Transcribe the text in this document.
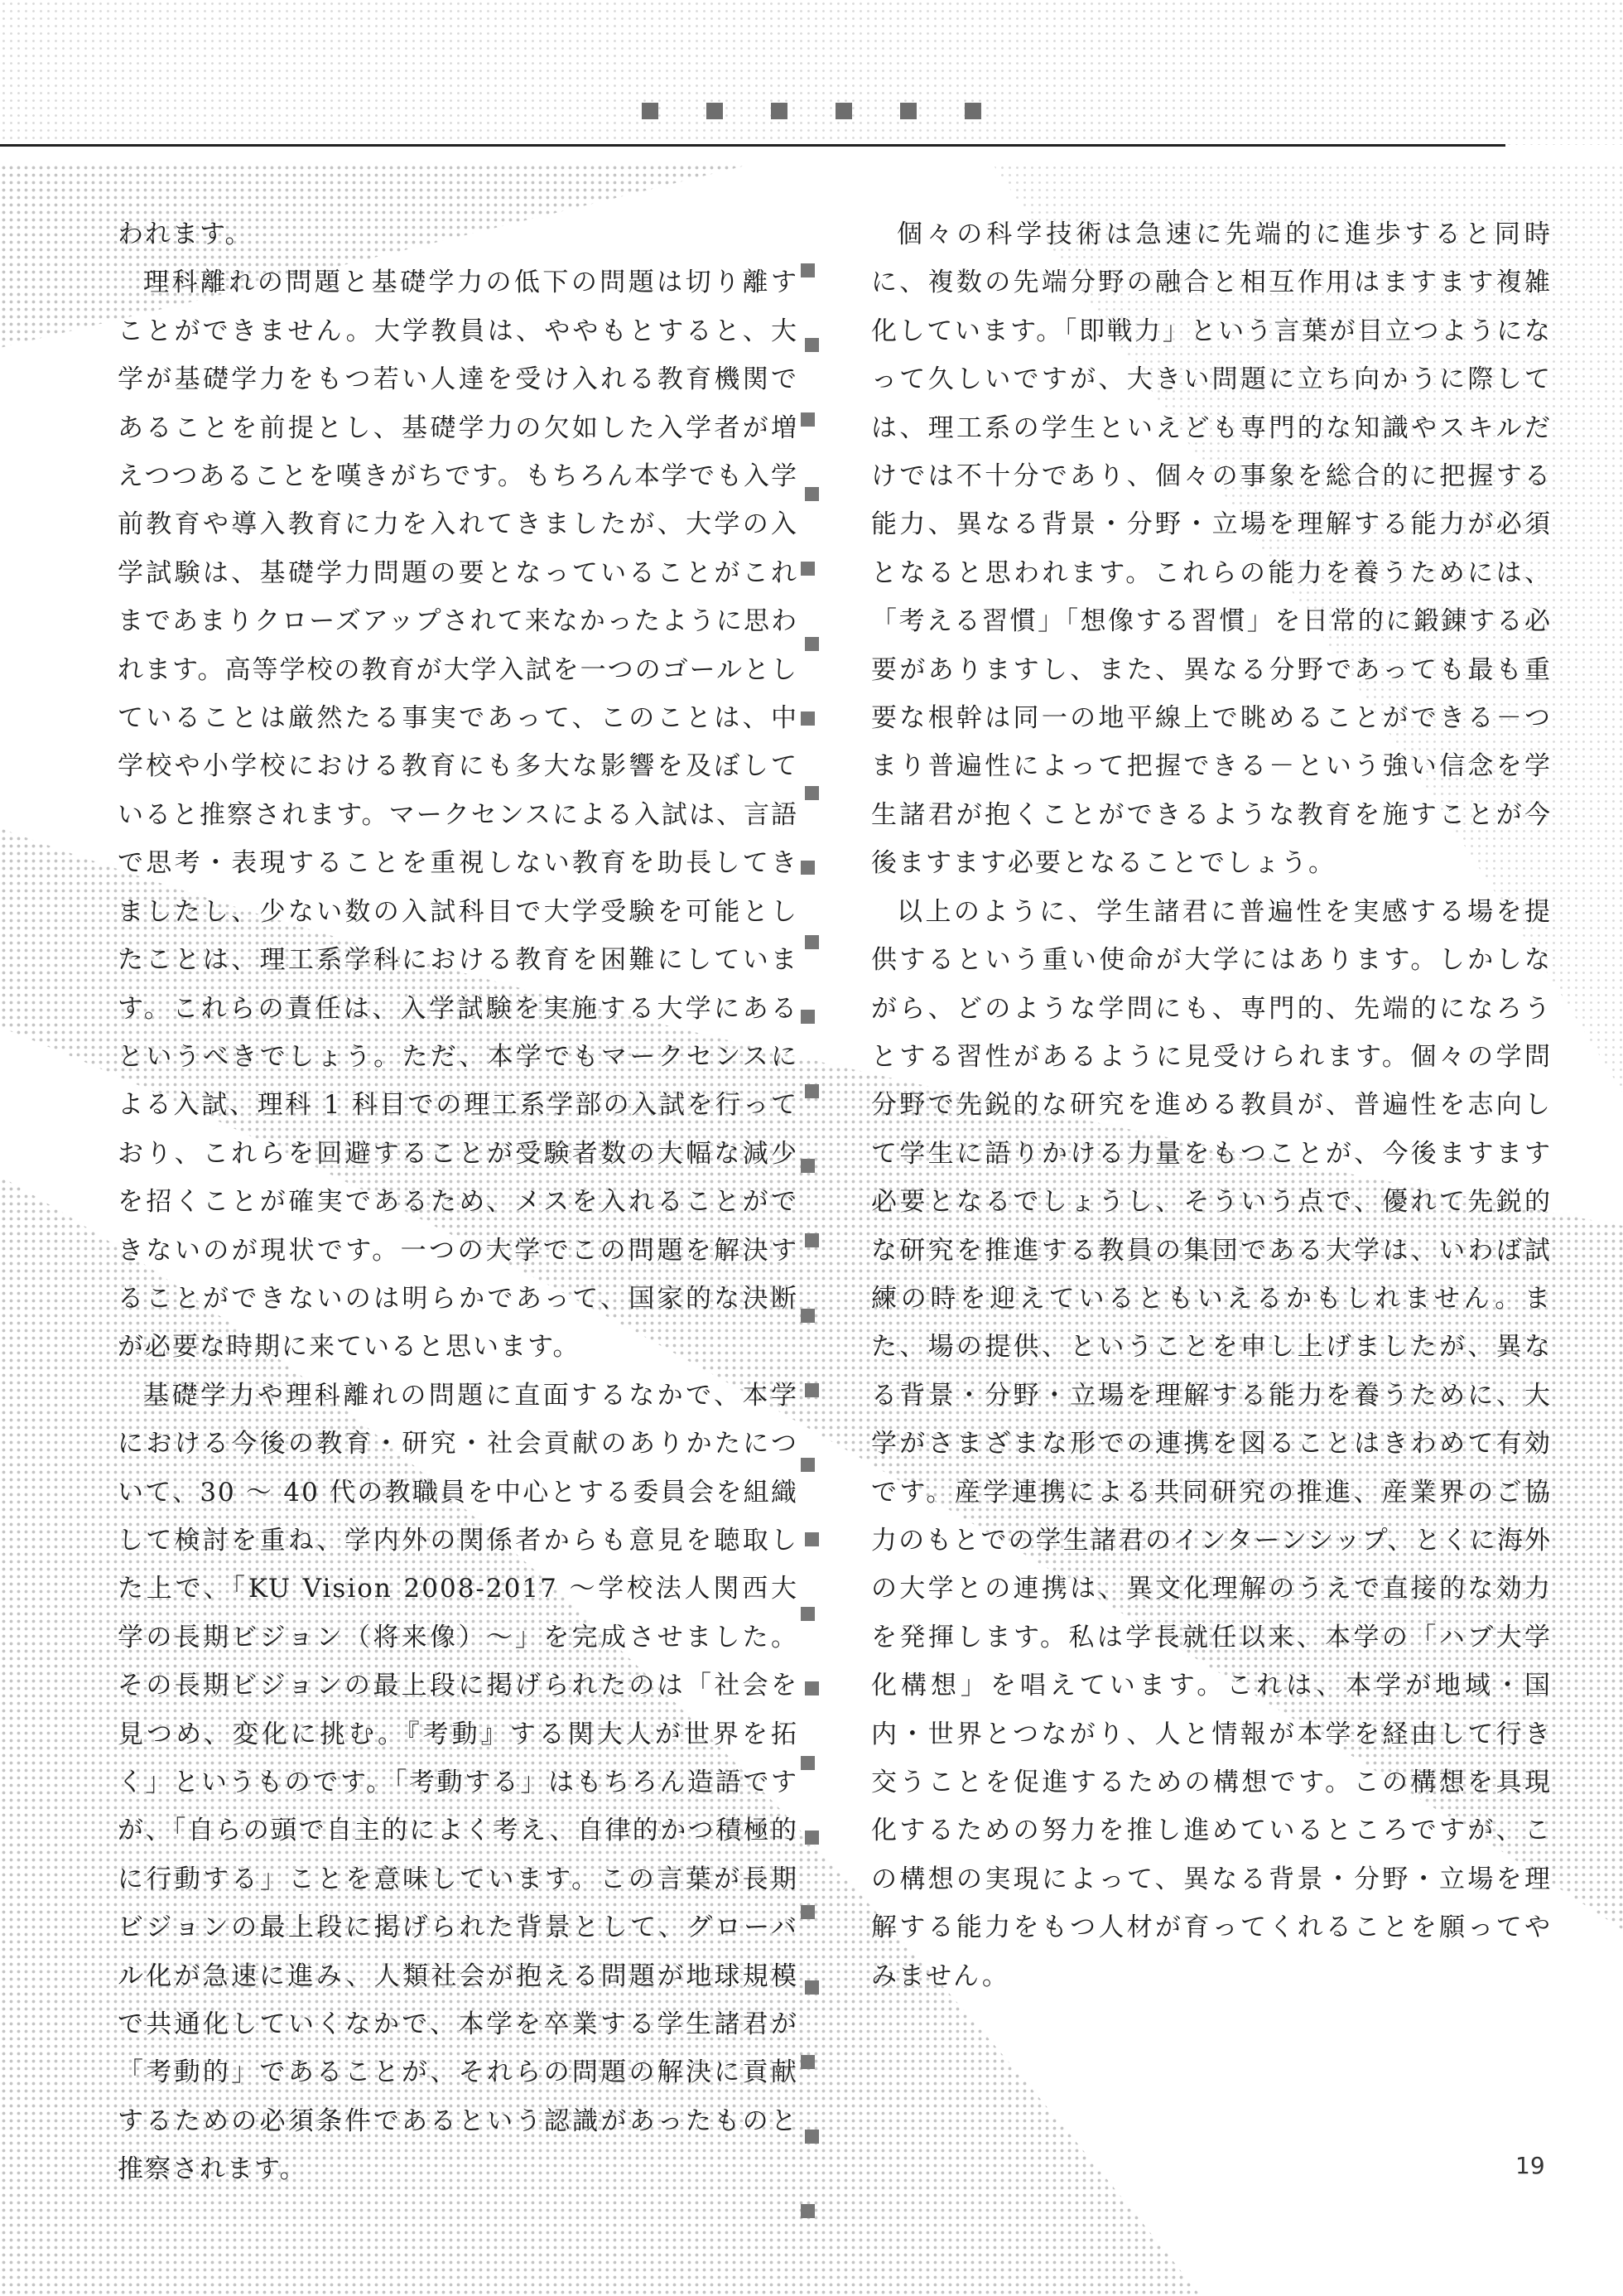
われます。

理科離れの問題と基礎学力の低下の問題は切り離すことができません。大学教員は、ややもとすると、大学が基礎学力をもつ若い人達を受け入れる教育機関であることを前提とし、基礎学力の欠如した入学者が増えつつあることを嘆きがちです。もちろん本学でも入学前教育や導入教育に力を入れてきましたが、大学の入学試験は、基礎学力問題の要となっていることがこれまであまりクローズアップされて来なかったように思われます。高等学校の教育が大学入試を一つのゴールとしていることは厳然たる事実であって、このことは、中学校や小学校における教育にも多大な影響を及ぼしていると推察されます。マークセンスによる入試は、言語で思考・表現することを重視しない教育を助長してきましたし、少ない数の入試科目で大学受験を可能としたことは、理工系学科における教育を困難にしています。これらの責任は、入学試験を実施する大学にあるというべきでしょう。ただ、本学でもマークセンスによる入試、理科 1 科目での理工系学部の入試を行っており、これらを回避することが受験者数の大幅な減少を招くことが確実であるため、メスを入れることができないのが現状です。一つの大学でこの問題を解決することができないのは明らかであって、国家的な決断が必要な時期に来ていると思います。

基礎学力や理科離れの問題に直面するなかで、本学における今後の教育・研究・社会貢献のありかたについて、30 ～ 40 代の教職員を中心とする委員会を組織して検討を重ね、学内外の関係者からも意見を聴取した上で、「KU Vision 2008-2017 ～学校法人関西大学の長期ビジョン（将来像）～」を完成させました。その長期ビジョンの最上段に掲げられたのは「社会を見つめ、変化に挑む。『考動』する関大人が世界を拓く」というものです。「考動する」はもちろん造語ですが、「自らの頭で自主的によく考え、自律的かつ積極的に行動する」ことを意味しています。この言葉が長期ビジョンの最上段に掲げられた背景として、グローバル化が急速に進み、人類社会が抱える問題が地球規模で共通化していくなかで、本学を卒業する学生諸君が「考動的」であることが、それらの問題の解決に貢献するための必須条件であるという認識があったものと推察されます。

個々の科学技術は急速に先端的に進歩すると同時に、複数の先端分野の融合と相互作用はますます複雑化しています。「即戦力」という言葉が目立つようになって久しいですが、大きい問題に立ち向かうに際しては、理工系の学生といえども専門的な知識やスキルだけでは不十分であり、個々の事象を総合的に把握する能力、異なる背景・分野・立場を理解する能力が必須となると思われます。これらの能力を養うためには、「考える習慣」「想像する習慣」を日常的に鍛錬する必要がありますし、また、異なる分野であっても最も重要な根幹は同一の地平線上で眺めることができる－つまり普遍性によって把握できる－という強い信念を学生諸君が抱くことができるような教育を施すことが今後ますます必要となることでしょう。

以上のように、学生諸君に普遍性を実感する場を提供するという重い使命が大学にはあります。しかしながら、どのような学問にも、専門的、先端的になろうとする習性があるように見受けられます。個々の学問分野で先鋭的な研究を進める教員が、普遍性を志向して学生に語りかける力量をもつことが、今後ますます必要となるでしょうし、そういう点で、優れて先鋭的な研究を推進する教員の集団である大学は、いわば試練の時を迎えているともいえるかもしれません。また、場の提供、ということを申し上げましたが、異なる背景・分野・立場を理解する能力を養うために、大学がさまざまな形での連携を図ることはきわめて有効です。産学連携による共同研究の推進、産業界のご協力のもとでの学生諸君のインターンシップ、とくに海外の大学との連携は、異文化理解のうえで直接的な効力を発揮します。私は学長就任以来、本学の「ハブ大学化構想」を唱えています。これは、本学が地域・国内・世界とつながり、人と情報が本学を経由して行き交うことを促進するための構想です。この構想を具現化するための努力を推し進めているところですが、この構想の実現によって、異なる背景・分野・立場を理解する能力をもつ人材が育ってくれることを願ってやみません。

19
